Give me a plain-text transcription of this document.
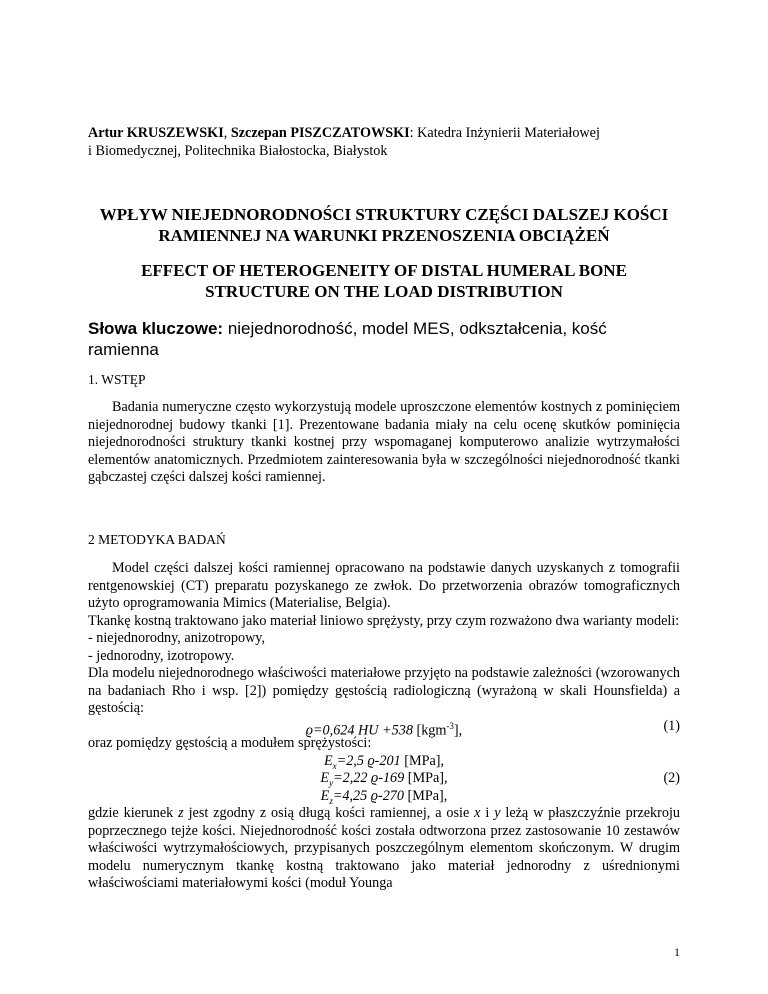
Artur KRUSZEWSKI, Szczepan PISZCZATOWSKI: Katedra Inżynierii Materiałowej
i Biomedycznej, Politechnika Białostocka, Białystok
WPŁYW NIEJEDNORODNOŚCI STRUKTURY CZĘŚCI DALSZEJ KOŚCI RAMIENNEJ NA WARUNKI PRZENOSZENIA OBCIĄŻEŃ
EFFECT OF HETEROGENEITY OF DISTAL HUMERAL BONE STRUCTURE ON THE LOAD DISTRIBUTION
Słowa kluczowe: niejednorodność, model MES, odkształcenia, kość ramienna
1. WSTĘP
Badania numeryczne często wykorzystują modele uproszczone elementów kostnych z pominięciem niejednorodnej budowy tkanki [1]. Prezentowane badania miały na celu ocenę skutków pominięcia niejednorodności struktury tkanki kostnej przy wspomaganej komputerowo analizie wytrzymałości elementów anatomicznych. Przedmiotem zainteresowania była w szczególności niejednorodność tkanki gąbczastej części dalszej kości ramiennej.
2 METODYKA BADAŃ
Model części dalszej kości ramiennej opracowano na podstawie danych uzyskanych z tomografii rentgenowskiej (CT) preparatu pozyskanego ze zwłok. Do przetworzenia obrazów tomograficznych użyto oprogramowania Mimics (Materialise, Belgia).
Tkankę kostną traktowano jako materiał liniowo sprężysty, przy czym rozważono dwa warianty modeli:
- niejednorodny, anizotropowy,
- jednorodny, izotropowy.
Dla modelu niejednorodnego właściwości materiałowe przyjęto na podstawie zależności (wzorowanych na badaniach Rho i wsp. [2]) pomiędzy gęstością radiologiczną (wyrażoną w skali Hounsfielda) a gęstością:
ϱ=0,624 HU +538 [kgm$^{-3}$],	(1)
oraz pomiędzy gęstością a modułem sprężystości:
$E_x=2,5$ ϱ-201 [MPa],
$E_y=2,22$ ϱ-169 [MPa],	(2)
$E_z=4,25$ ϱ-270 [MPa],
gdzie kierunek z jest zgodny z osią długą kości ramiennej, a osie x i y leżą w płaszczyźnie przekroju poprzecznego tejże kości. Niejednorodność kości została odtworzona przez zastosowanie 10 zestawów właściwości wytrzymałościowych, przypisanych poszczególnym elementom skończonym. W drugim modelu numerycznym tkankę kostną traktowano jako materiał jednorodny z uśrednionymi właściwościami materiałowymi kości (moduł Younga
1
